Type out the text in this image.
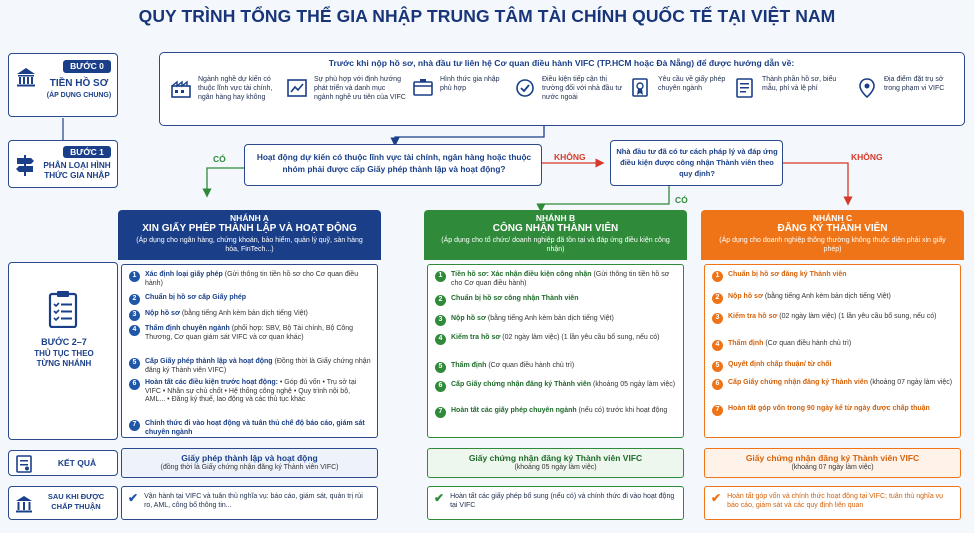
QUY TRÌNH TỔNG THỂ GIA NHẬP TRUNG TÂM TÀI CHÍNH QUỐC TẾ TẠI VIỆT NAM
BƯỚC 0
TIỀN HỒ SƠ
(ÁP DỤNG CHUNG)
BƯỚC 1
PHÂN LOẠI HÌNH THỨC GIA NHẬP
BƯỚC 2–7
THỦ TỤC THEO TỪNG NHÁNH
KẾT QUẢ
SAU KHI ĐƯỢC CHẤP THUẬN
Trước khi nộp hồ sơ, nhà đầu tư liên hệ Cơ quan điều hành VIFC (TP.HCM hoặc Đà Nẵng) để được hướng dẫn về:
Ngành nghề dự kiến có thuộc lĩnh vực tài chính, ngân hàng hay không
Sự phù hợp với định hướng phát triển và danh mục ngành nghề ưu tiên của VIFC
Hình thức gia nhập phù hợp
Điều kiện tiếp cận thị trường đối với nhà đầu tư nước ngoài
Yêu cầu về giấy phép chuyên ngành
Thành phần hồ sơ, biểu mẫu, phí và lệ phí
Địa điểm đặt trụ sở trong phạm vi VIFC
Hoạt động dự kiến có thuộc lĩnh vực tài chính, ngân hàng hoặc thuộc nhóm phải được cấp Giấy phép thành lập và hoạt động?
CÓ	KHÔNG
Nhà đầu tư đã có tư cách pháp lý và đáp ứng điều kiện được công nhận Thành viên theo quy định?
CÓ
KHÔNG
NHÁNH A
XIN GIẤY PHÉP THÀNH LẬP VÀ HOẠT ĐỘNG
(Áp dụng cho ngân hàng, chứng khoán, bảo hiểm, quản lý quỹ, sàn hàng hóa, FinTech...)
1	Xác định loại giấy phép (Gửi thông tin tiền hồ sơ cho Cơ quan điều hành)
2	Chuẩn bị hồ sơ cấp Giấy phép
3	Nộp hồ sơ (bằng tiếng Anh kèm bản dịch tiếng Việt)
4	Thẩm định chuyên ngành (phối hợp: SBV, Bộ Tài chính, Bộ Công Thương, Cơ quan giám sát VIFC và cơ quan khác)
5	Cấp Giấy phép thành lập và hoạt động (Đồng thời là Giấy chứng nhận đăng ký Thành viên VIFC)
6	Hoàn tất các điều kiện trước hoạt động: • Góp đủ vốn • Trụ sở tại VIFC • Nhân sự chủ chốt • Hệ thống công nghệ • Quy trình nội bộ, AML... • Đăng ký thuế, lao động và các thủ tục khác
7	Chính thức đi vào hoạt động và tuân thủ chế độ báo cáo, giám sát chuyên ngành
Giấy phép thành lập và hoạt động
(đồng thời là Giấy chứng nhận đăng ký Thành viên VIFC)
✔ Vận hành tại VIFC và tuân thủ nghĩa vụ: báo cáo, giám sát, quản trị rủi ro, AML, công bố thông tin...
NHÁNH B
CÔNG NHẬN THÀNH VIÊN
(Áp dụng cho tổ chức/ doanh nghiệp đã tồn tại và đáp ứng điều kiện công nhận)
1	Tiền hồ sơ: Xác nhận điều kiện công nhận (Gửi thông tin tiền hồ sơ cho Cơ quan điều hành)
2	Chuẩn bị hồ sơ công nhận Thành viên
3	Nộp hồ sơ (bằng tiếng Anh kèm bản dịch tiếng Việt)
4	Kiểm tra hồ sơ (02 ngày làm việc) (1 lần yêu cầu bổ sung, nếu có)
5	Thẩm định (Cơ quan điều hành chủ trì)
6	Cấp Giấy chứng nhận đăng ký Thành viên (khoảng 05 ngày làm việc)
7	Hoàn tất các giấy phép chuyên ngành (nếu có) trước khi hoạt động
Giấy chứng nhận đăng ký Thành viên VIFC
(khoảng 05 ngày làm việc)
✔ Hoàn tất các giấy phép bổ sung (nếu có) và chính thức đi vào hoạt động tại VIFC
NHÁNH C
ĐĂNG KÝ THÀNH VIÊN
(Áp dụng cho doanh nghiệp thông thường không thuộc diện phải xin giấy phép)
1	Chuẩn bị hồ sơ đăng ký Thành viên
2	Nộp hồ sơ (bằng tiếng Anh kèm bản dịch tiếng Việt)
3	Kiểm tra hồ sơ (02 ngày làm việc) (1 lần yêu cầu bổ sung, nếu có)
4	Thẩm định (Cơ quan điều hành chủ trì)
5	Quyết định chấp thuận/ từ chối
6	Cấp Giấy chứng nhận đăng ký Thành viên (khoảng 07 ngày làm việc)
7	Hoàn tất góp vốn trong 90 ngày kể từ ngày được chấp thuận
Giấy chứng nhận đăng ký Thành viên VIFC
(khoảng 07 ngày làm việc)
✔ Hoàn tất góp vốn và chính thức hoạt động tại VIFC; tuân thủ nghĩa vụ báo cáo, giám sát và các quy định liên quan
